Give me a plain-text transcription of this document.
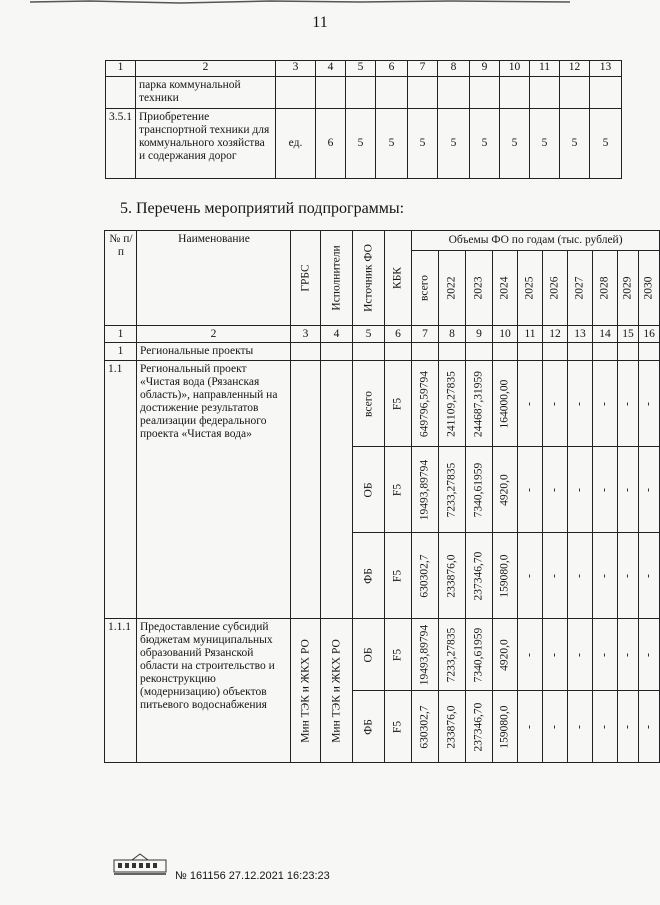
11
1	2	3	4	5	6	7	8	9	10	11	12	13
	парка коммунальной техники											
3.5.1	Приобретение транспортной техники для коммунального хозяйства и содержания дорог	ед.	6	5	5	5	5	5	5	5	5	5
5. Перечень мероприятий подпрограммы:
№ п/п	Наименование	ГРБС	Исполнители	Источник ФО	КБК	Объемы ФО по годам (тыс. рублей)									

						всего	2022	2023	2024	2025	2026	2027	2028	2029	2030

1	2	3	4	5	6	7	8	9	10	11	12	13	14	15	16
1	Региональные проекты														
1.1	Региональный проект «Чистая вода (Рязанская область)», направленный на достижение результатов реализации федерального проекта «Чистая вода»			всего	F5	649796,59794	241109,27835	244687,31959	164000,00	-	-	-	-	-	-

				ОБ	F5	19493,89794	7233,27835	7340,61959	4920,0	-	-	-	-	-	-

				ФБ	F5	630302,7	233876,0	237346,70	159080,0	-	-	-	-	-	-

1.1.1	Предоставление субсидий бюджетам муниципальных образований Рязанской области на строительство и реконструкцию (модернизацию) объектов питьевого водоснабжения	Мин ТЭК и ЖКХ РО	Мин ТЭК и ЖКХ РО	ОБ	F5	19493,89794	7233,27835	7340,61959	4920,0	-	-	-	-	-	-

				ФБ	F5	630302,7	233876,0	237346,70	159080,0	-	-	-	-	-	-
№ 161156 27.12.2021 16:23:23
